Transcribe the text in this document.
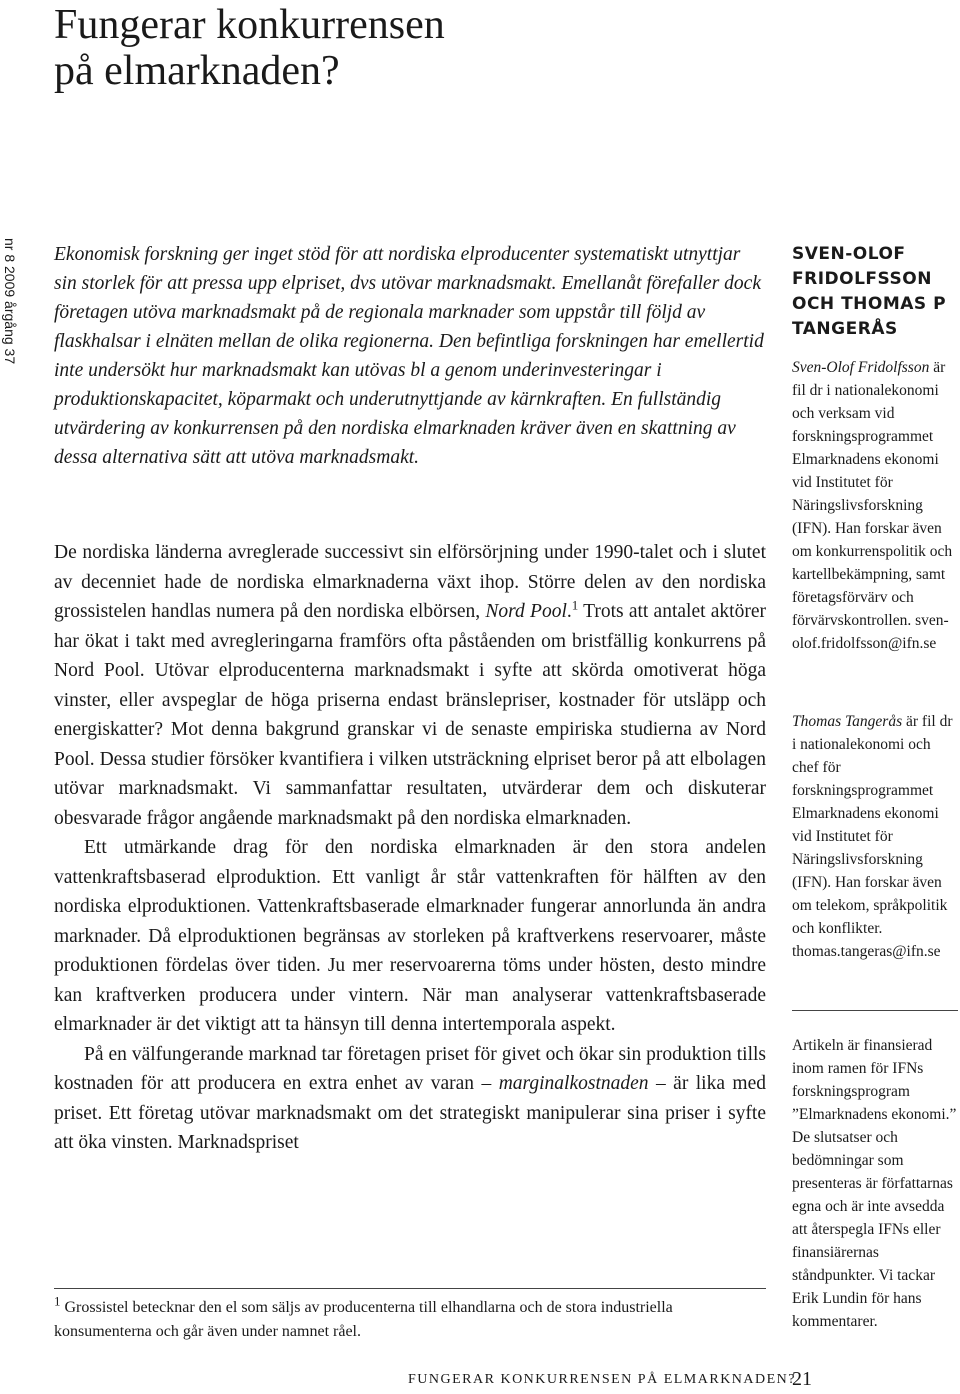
Fungerar konkurrensen
på elmarknaden?
nr 8 2009 årgång 37 Ekonomisk forskning ger inget stöd för att nordiska elproducenter systematiskt utnyttjar sin storlek för att pressa upp elpriset, dvs utövar marknadsmakt. Emellanåt förefaller dock företagen utöva marknadsmakt på de regionala marknader som uppstår till följd av flaskhalsar i elnäten mellan de olika regionerna. Den befintliga forskningen har emellertid inte undersökt hur marknadsmakt kan utövas bl a genom underinvesteringar i produktionskapacitet, köparmakt och underutnyttjande av kärnkraften. En fullständig utvärdering av konkurrensen på den nordiska elmarknaden kräver även en skattning av dessa alternativa sätt att utöva marknadsmakt.

De nordiska länderna avreglerade successivt sin elförsörjning under 1990-talet och i slutet av decenniet hade de nordiska elmarknaderna växt ihop. Större delen av den nordiska grossistelen handlas numera på den nordiska elbörsen, Nord Pool.$^1$ Trots att antalet aktörer har ökat i takt med avregleringarna framförs ofta påståenden om bristfällig konkurrens på Nord Pool. Utövar elproducenterna marknadsmakt i syfte att skörda omotiverat höga vinster, eller avspeglar de höga priserna endast bränslepriser, kostnader för utsläpp och energiskatter? Mot denna bakgrund granskar vi de senaste empiriska studierna av Nord Pool. Dessa studier försöker kvantifiera i vilken utsträckning elpriset beror på att elbolagen utövar marknadsmakt. Vi sammanfattar resultaten, utvärderar dem och diskuterar obesvarade frågor angående marknadsmakt på den nordiska elmarknaden.

Ett utmärkande drag för den nordiska elmarknaden är den stora andelen vattenkraftsbaserad elproduktion. Ett vanligt år står vattenkraften för hälften av den nordiska elproduktionen. Vattenkraftsbaserade elmarknader fungerar annorlunda än andra marknader. Då elproduktionen begränsas av storleken på kraftverkens reservoarer, måste produktionen fördelas över tiden. Ju mer reservoarerna töms under hösten, desto mindre kan kraftverken producera under vintern. När man analyserar vattenkraftsbaserade elmarknader är det viktigt att ta hänsyn till denna intertemporala aspekt.

På en välfungerande marknad tar företagen priset för givet och ökar sin produktion tills kostnaden för att producera en extra enhet av varan – marginalkostnaden – är lika med priset. Ett företag utövar marknadsmakt om det strategiskt manipulerar sina priser i syfte att öka vinsten. Marknadspriset

$^1$ Grossistel betecknar den el som säljs av producenterna till elhandlarna och de stora industriella konsumenterna och går även under namnet råel.

SVEN-OLOF FRIDOLFSSON OCH THOMAS P TANGERÅS

Sven-Olof Fridolfsson är fil dr i nationalekonomi och verksam vid forskningsprogrammet Elmarknadens ekonomi vid Institutet för Näringslivsforskning (IFN). Han forskar även om konkurrenspolitik och kartellbekämpning, samt företagsförvärv och förvärvskontrollen. sven-olof.fridolfsson@ifn.se

Thomas Tangerås är fil dr i nationalekonomi och chef för forskningsprogrammet Elmarknadens ekonomi vid Institutet för Näringslivsforskning (IFN). Han forskar även om telekom, språkpolitik och konflikter. thomas.tangeras@ifn.se

Artikeln är finansierad inom ramen för IFNs forskningsprogram ”Elmarknadens ekonomi.” De slutsatser och bedömningar som presenteras är författarnas egna och är inte avsedda att återspegla IFNs eller finansiärernas ståndpunkter. Vi tackar Erik Lundin för hans kommentarer.

FUNGERAR KONKURRENSEN PÅ ELMARKNADEN?
21
